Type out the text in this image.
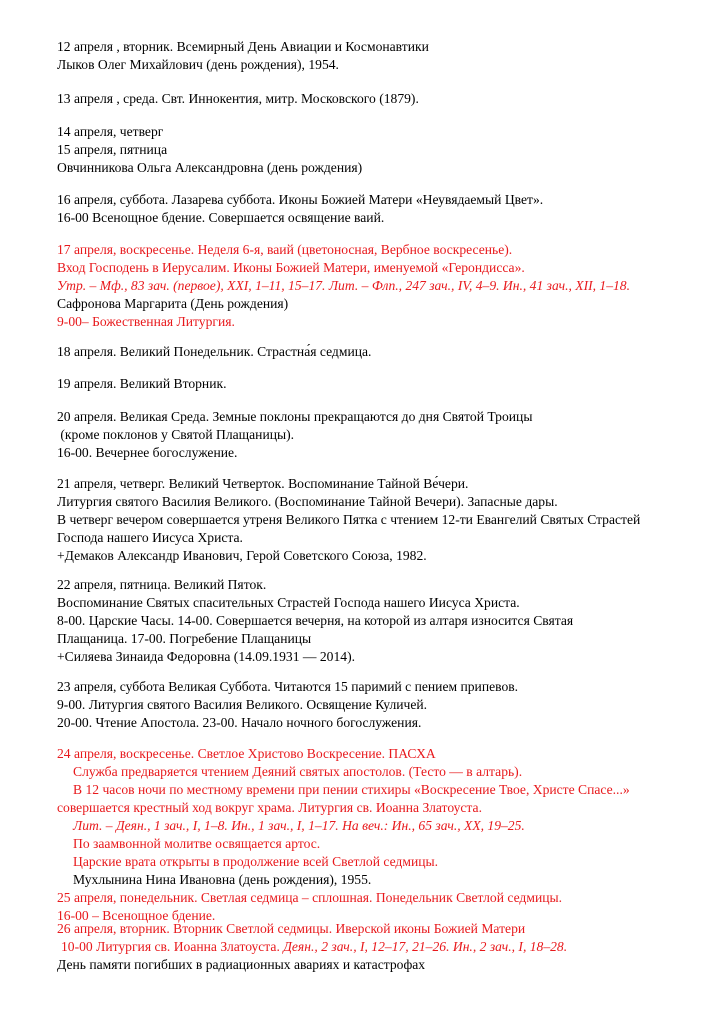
12 апреля , вторник. Всемирный День Авиации и Космонавтики
Лыков Олег Михайлович (день рождения), 1954.
13 апреля , среда. Свт. Иннокентия, митр. Московского (1879).
14 апреля, четверг
15 апреля, пятница
Овчинникова Ольга Александровна (день рождения)
16 апреля, суббота. Лазарева суббота. Иконы Божией Матери «Неувядаемый Цвет».
16-00 Всенощное бдение. Совершается освящение ваий.
17 апреля, воскресенье. Неделя 6-я, ваий (цветоносная, Вербное воскресенье).
Вход Господень в Иерусалим. Иконы Божией Матери, именуемой «Герондисса».
Утр. – Мф., 83 зач. (первое), XXI, 1–11, 15–17. Лит. – Флп., 247 зач., IV, 4–9. Ин., 41 зач., XII, 1–18.
Сафронова Маргарита (День рождения)
9-00– Божественная Литургия.
18 апреля. Великий Понедельник. Страстна́я седмица.
19 апреля. Великий Вторник.
20 апреля. Великая Среда. Земные поклоны прекращаются до дня Святой Троицы
(кроме поклонов у Святой Плащаницы).
16-00. Вечернее богослужение.
21 апреля, четверг. Великий Четверток. Воспоминание Тайной Ве́чери.
Литургия святого Василия Великого. (Воспоминание Тайной Вечери). Запасные дары.
В четверг вечером совершается утреня Великого Пятка с чтением 12-ти Евангелий Святых Страстей
Господа нашего Иисуса Христа.
+Демаков Александр Иванович, Герой Советского Союза, 1982.
22 апреля, пятница. Великий Пяток.
Воспоминание Святых спасительных Страстей Господа нашего Иисуса Христа.
8-00. Царские Часы. 14-00. Совершается вечерня, на которой из алтаря износится Святая
Плащаница. 17-00. Погребение Плащаницы
+Силяева Зинаида Федоровна (14.09.1931 — 2014).
23 апреля, суббота Великая Суббота. Читаются 15 паримий с пением припевов.
9-00. Литургия святого Василия Великого. Освящение Куличей.
20-00. Чтение Апостола. 23-00. Начало ночного богослужения.
24 апреля, воскресенье. Светлое Христово Воскресение. ПАСХА
Служба предваряется чтением Деяний святых апостолов. (Тесто — в алтарь).
В 12 часов ночи по местному времени при пении стихиры «Воскресение Твое, Христе Спасе...»
совершается крестный ход вокруг храма. Литургия св. Иоанна Златоуста.
Лит. – Деян., 1 зач., I, 1–8. Ин., 1 зач., I, 1–17. На веч.: Ин., 65 зач., XX, 19–25.
По заамвонной молитве освящается артос.
Царские врата открыты в продолжение всей Светлой седмицы.
Мухлынина Нина Ивановна (день рождения), 1955.
25 апреля, понедельник. Светлая седмица – сплошная. Понедельник Светлой седмицы.
16-00 – Всенощное бдение.
26 апреля, вторник. Вторник Светлой седмицы. Иверской иконы Божией Матери
10-00 Литургия св. Иоанна Златоуста. Деян., 2 зач., I, 12–17, 21–26. Ин., 2 зач., I, 18–28.
День памяти погибших в радиационных авариях и катастрофах
